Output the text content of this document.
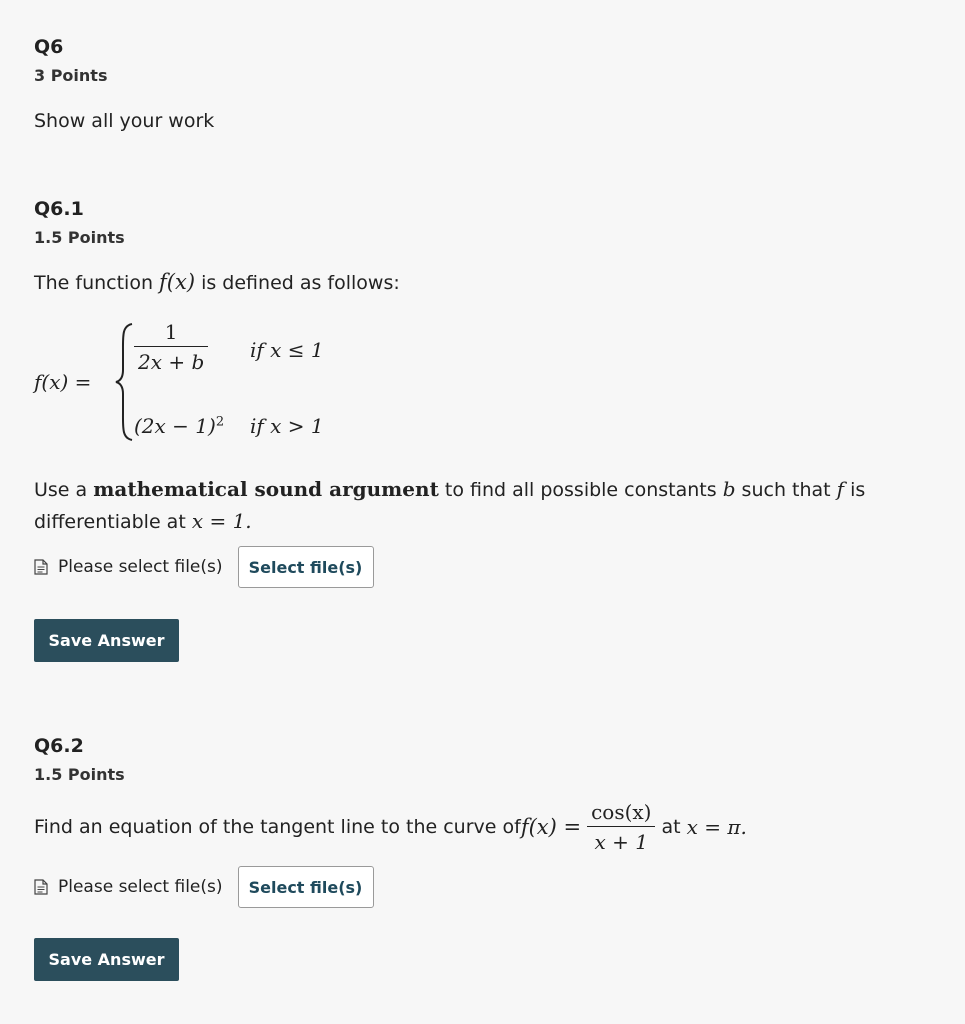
Q6
3 Points
Show all your work
Q6.1
1.5 Points
The function f(x) is defined as follows:
f(x) =
$\frac{1}{2x + b}$ if x ≤ 1
$(2x - 1)^2$ if x > 1
Use a mathematical sound argument to find all possible constants b such that f is
differentiable at x = 1.
Please select file(s)	Select file(s)
Save Answer
Q6.2
1.5 Points
Find an equation of the tangent line to the curve of $f(x) = \frac{\cos(x)}{x + 1}$ at x = π.
Please select file(s)	Select file(s)
Save Answer
